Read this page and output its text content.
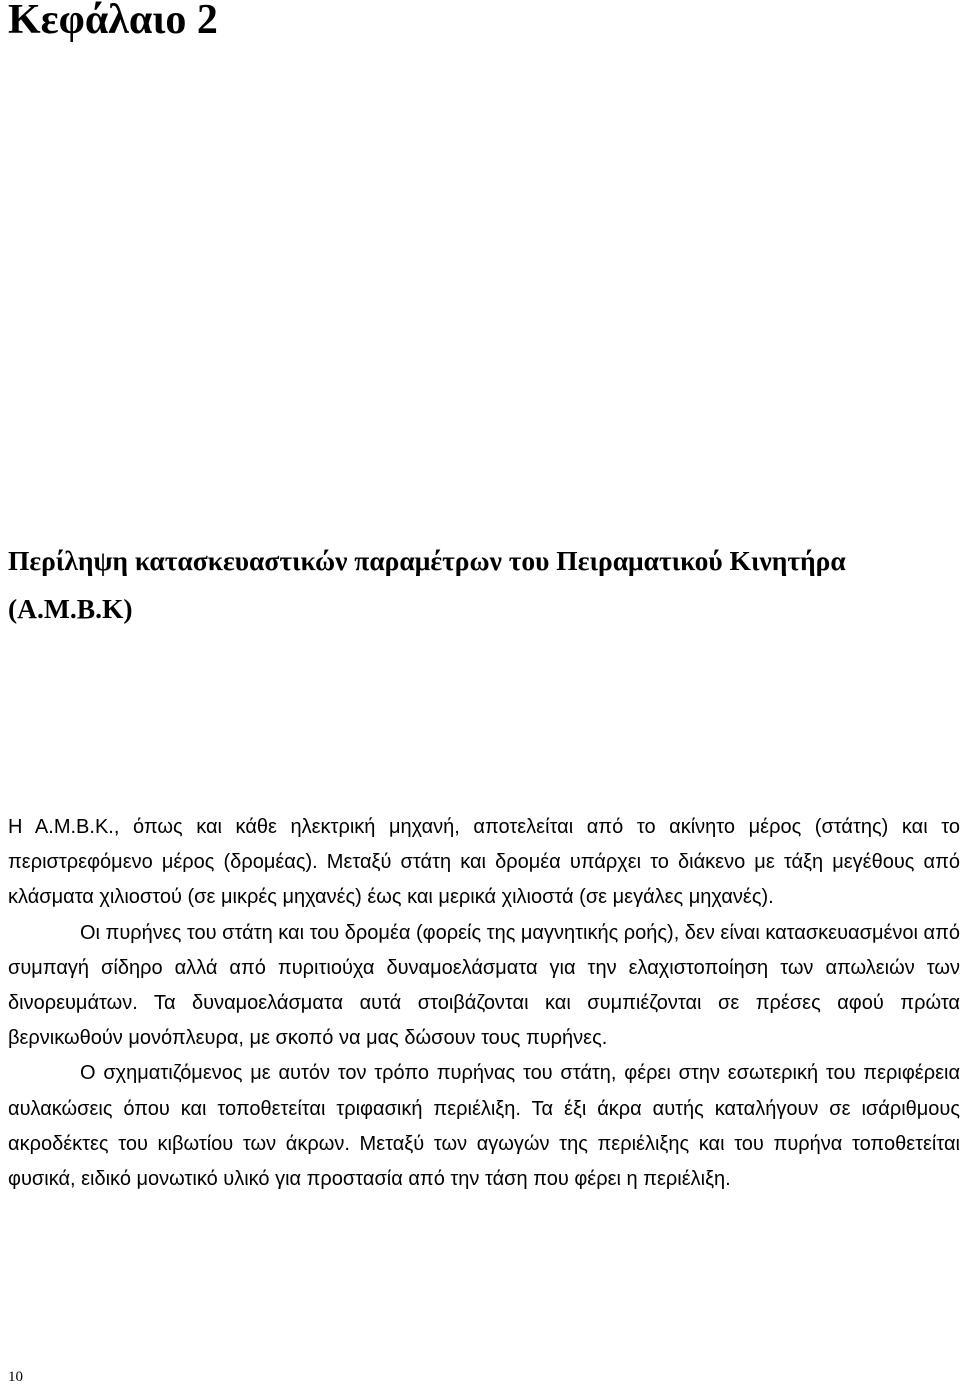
Κεφάλαιο 2
Περίληψη κατασκευαστικών παραμέτρων του Πειραματικού Κινητήρα (Α.Μ.Β.Κ)

Η Α.Μ.Β.Κ., όπως και κάθε ηλεκτρική μηχανή, αποτελείται από το ακίνητο μέρος (στάτης) και το περιστρεφόμενο μέρος (δρομέας). Μεταξύ στάτη και δρομέα υπάρχει το διάκενο με τάξη μεγέθους από κλάσματα χιλιοστού (σε μικρές μηχανές) έως και μερικά χιλιοστά (σε μεγάλες μηχανές).

Οι πυρήνες του στάτη και του δρομέα (φορείς της μαγνητικής ροής), δεν είναι κατασκευασμένοι από συμπαγή σίδηρο αλλά από πυριτιούχα δυναμοελάσματα για την ελαχιστοποίηση των απωλειών των δινορευμάτων. Τα δυναμοελάσματα αυτά στοιβάζονται και συμπιέζονται σε πρέσες αφού πρώτα βερνικωθούν μονόπλευρα, με σκοπό να μας δώσουν τους πυρήνες.

Ο σχηματιζόμενος με αυτόν τον τρόπο πυρήνας του στάτη, φέρει στην εσωτερική του περιφέρεια αυλακώσεις όπου και τοποθετείται τριφασική περιέλιξη. Τα έξι άκρα αυτής καταλήγουν σε ισάριθμους ακροδέκτες του κιβωτίου των άκρων. Μεταξύ των αγωγών της περιέλιξης και του πυρήνα τοποθετείται φυσικά, ειδικό μονωτικό υλικό για προστασία από την τάση που φέρει η περιέλιξη.

10
